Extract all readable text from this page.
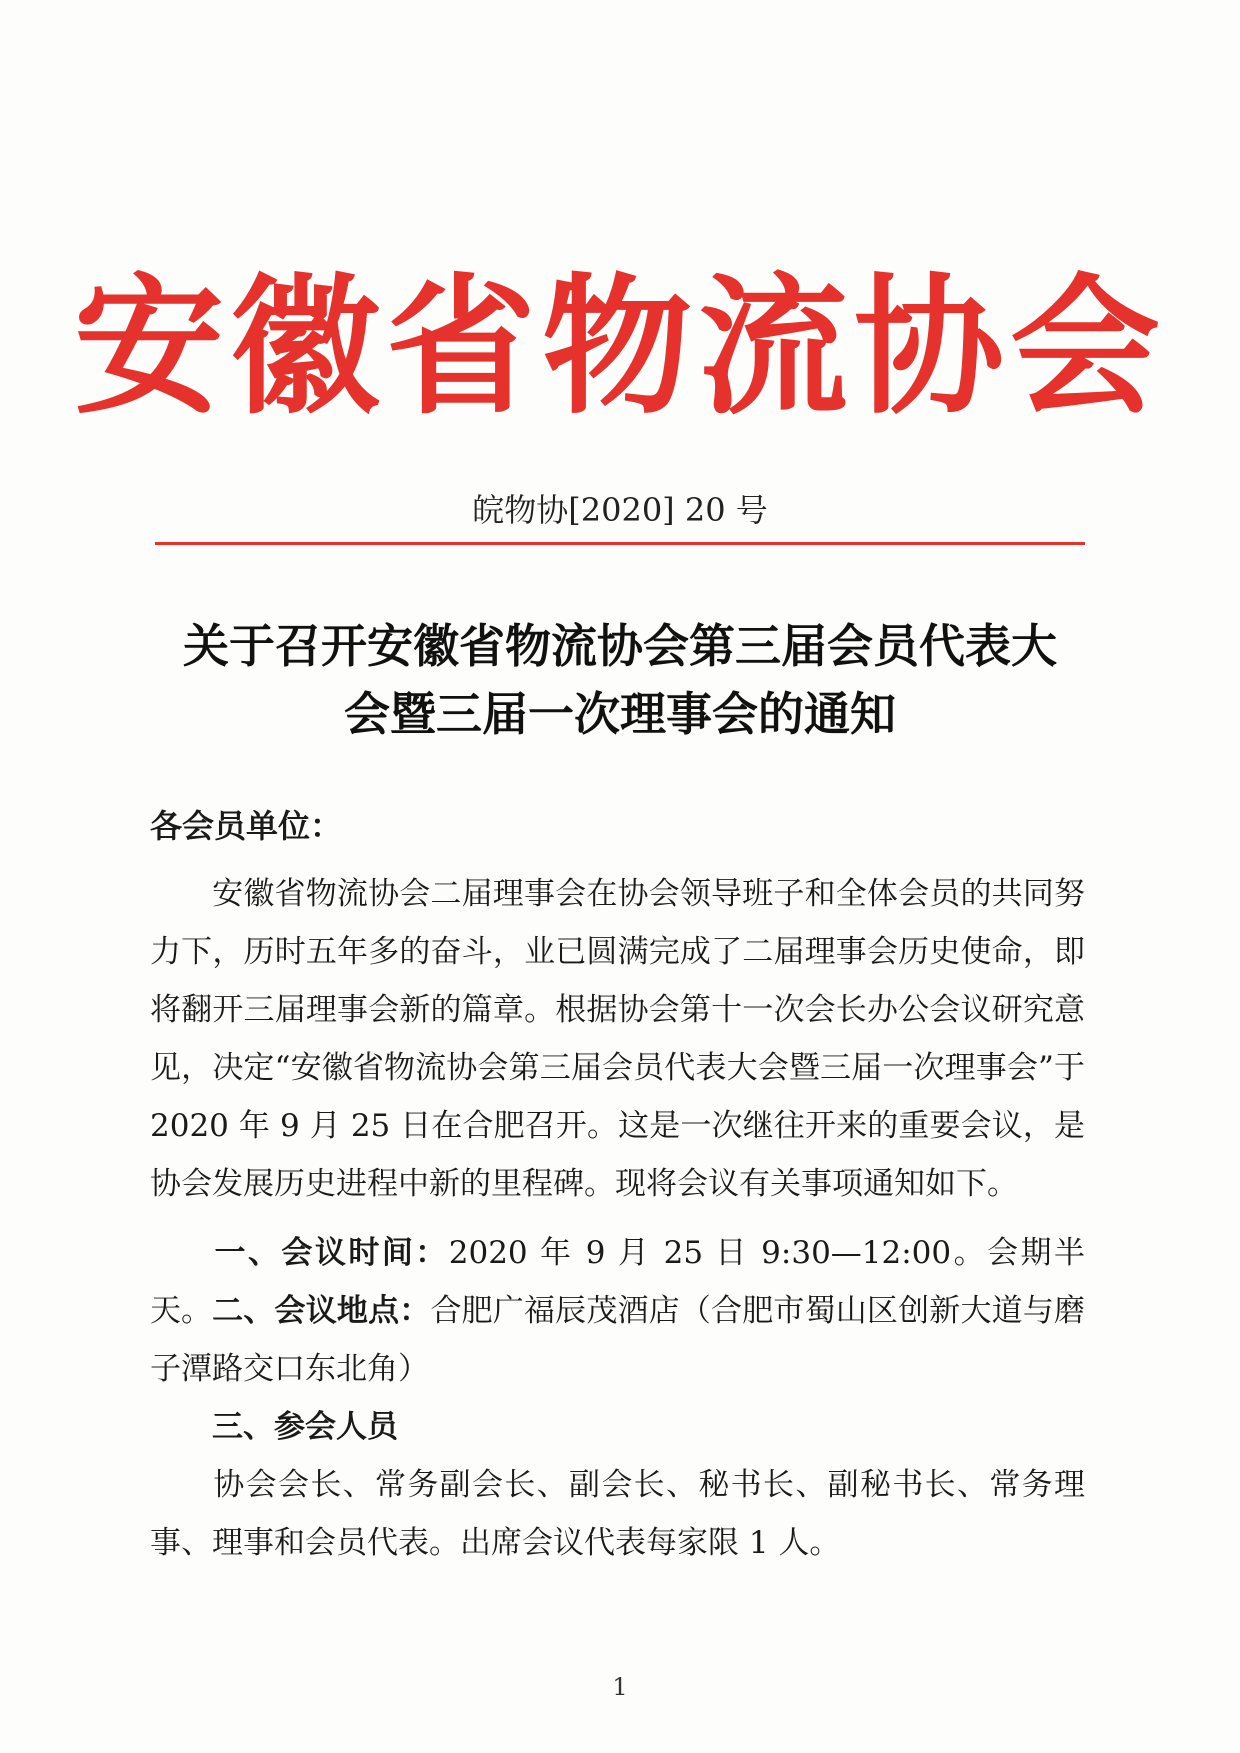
安徽省物流协会
皖物协[2020] 20 号
关于召开安徽省物流协会第三届会员代表大
会暨三届一次理事会的通知
各会员单位：
安徽省物流协会二届理事会在协会领导班子和全体会员的共同努力下，历时五年多的奋斗，业已圆满完成了二届理事会历史使命，即将翻开三届理事会新的篇章。根据协会第十一次会长办公会议研究意见，决定“安徽省物流协会第三届会员代表大会暨三届一次理事会”于 2020 年 9 月 25 日在合肥召开。这是一次继往开来的重要会议，是协会发展历史进程中新的里程碑。现将会议有关事项通知如下。
一、会议时间：2020 年 9 月 25 日 9:30—12:00。会期半天。 二、会议地点：合肥广福辰茂酒店（合肥市蜀山区创新大道与磨子潭路交口东北角）
三、参会人员
协会会长、常务副会长、副会长、秘书长、副秘书长、常务理事、理事和会员代表。出席会议代表每家限 1 人。
1
